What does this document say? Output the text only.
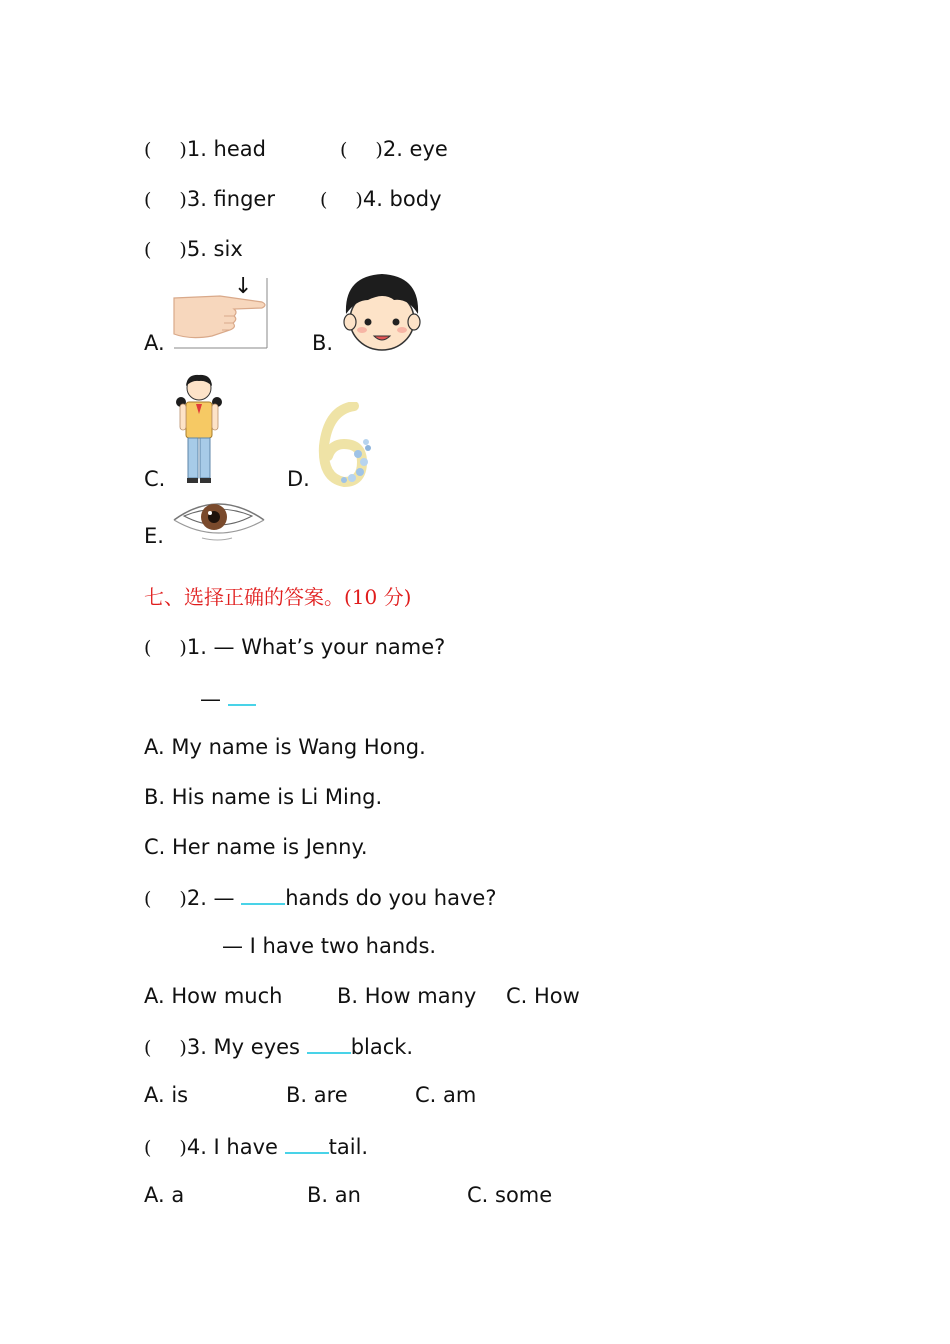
( )1. head	( )2. eye
( )3. finger ( )4. body
( )5. six
A.
↓
B.
C.	D.
E.
七、选择正确的答案。(10 分)
( )1. — What’s your name?
—
A. My name is Wang Hong.
B. His name is Li Ming.
C. Her name is Jenny.
( )2. — hands do you have?
— I have two hands.
A. How much	B. How many C. How
( )3. My eyes black.
A. is	B. are	C. am
( )4. I have tail.
A. a	B. an	C. some
